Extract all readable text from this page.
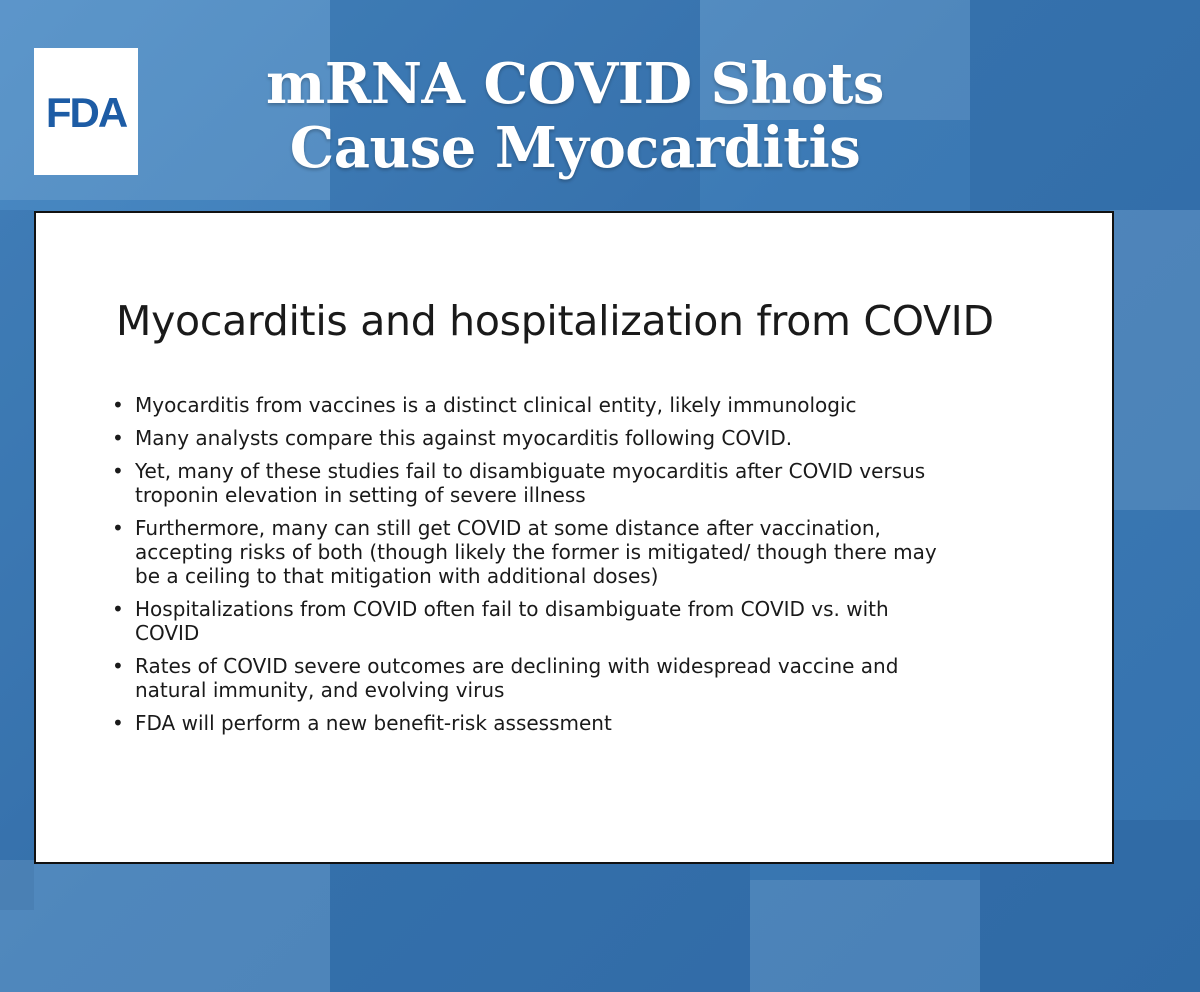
FDA	mRNA COVID Shots
Cause Myocarditis
Myocarditis and hospitalization from COVID
• Myocarditis from vaccines is a distinct clinical entity, likely immunologic
• Many analysts compare this against myocarditis following COVID.
• Yet, many of these studies fail to disambiguate myocarditis after COVID versus troponin elevation in setting of severe illness
• Furthermore, many can still get COVID at some distance after vaccination, accepting risks of both (though likely the former is mitigated/ though there may be a ceiling to that mitigation with additional doses)
• Hospitalizations from COVID often fail to disambiguate from COVID vs. with COVID
• Rates of COVID severe outcomes are declining with widespread vaccine and natural immunity, and evolving virus
• FDA will perform a new benefit-risk assessment
